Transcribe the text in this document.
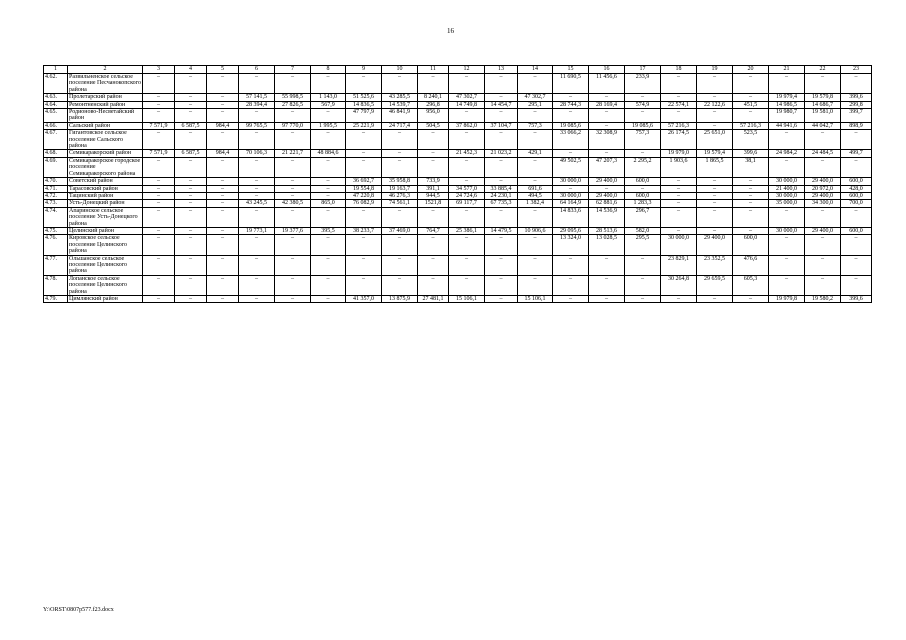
16
1	2	3	4	5	6	7	8	9	10	11	12	13	14	15	16	17	18	19	20	21	22	23
4.62.	Развильненское сельское поселение Песчанокопского района	–	–	–	–	–	–	–	–	–	–	–	–	11 690,5	11 456,6	233,9	–	–	–	–	–	–
4.63.	Пролетарский район	–	–	–	57 141,5	55 998,5	1 143,0	51 525,6	43 285,5	8 240,1	47 302,7	–	47 302,7	–	–	–	–	–	–	19 979,4	19 579,8	399,6
4.64.	Ремонтненский район	–	–	–	28 394,4	27 826,5	567,9	14 836,5	14 539,7	296,8	14 749,8	14 454,7	295,1	28 744,3	28 169,4	574,9	22 574,1	22 122,6	451,5	14 986,5	14 686,7	299,8
4.65.	Родионово-Несветайский район	–	–	–	–	–	–	47 797,9	46 841,9	956,0	–	–	–	–	–	–	–	–	–	19 980,7	19 581,0	399,7
4.66.	Сальский район	7 571,9	6 587,5	984,4	99 765,5	97 770,0	1 995,5	25 221,9	24 717,4	504,5	37 862,0	37 104,7	757,3	19 085,6	–	19 085,6	57 216,3	–	57 216,3	44 941,6	44 042,7	898,9
4.67.	Гигантовское сельское поселение Сальского района	–	–	–	–	–	–	–	–	–	–	–	–	33 066,2	32 308,9	757,3	26 174,5	25 651,0	523,5	–	–	–
4.68.	Семикаракорский район	7 571,9	6 587,5	984,4	70 106,3	21 221,7	48 884,6	–	–	–	21 452,3	21 023,2	429,1	–	–	–	19 979,0	19 579,4	399,6	24 984,2	24 484,5	499,7
4.69.	Семикаракорское городское поселение Семикаракорского района	–	–	–	–	–	–	–	–	–	–	–	–	49 502,5	47 207,3	2 295,2	1 903,6	1 865,5	38,1	–	–	–
4.70.	Советский район	–	–	–	–	–	–	36 692,7	35 958,8	733,9	–	–	–	30 000,0	29 400,0	600,0	–	–	–	30 000,0	29 400,0	600,0
4.71.	Тарасовский район	–	–	–	–	–	–	19 554,8	19 163,7	391,1	34 577,0	33 885,4	691,6	–	–	–	–	–	–	21 400,0	20 972,0	428,0
4.72.	Тацинский район	–	–	–	–	–	–	47 220,8	46 276,3	944,5	24 724,6	24 230,1	494,5	30 000,0	29 400,0	600,0	–	–	–	30 000,0	29 400,0	600,0
4.73.	Усть-Донецкий район	–	–	–	43 245,5	42 380,5	865,0	76 082,9	74 561,1	1521,8	69 117,7	67 735,3	1 382,4	64 164,9	62 881,6	1 283,3	–	–	–	35 000,0	34 300,0	700,0
4.74.	Апаринское сельское поселение Усть-Донецкого района	–	–	–	–	–	–	–	–	–	–	–	–	14 833,6	14 536,9	296,7	–	–	–	–	–	–
4.75.	Целинский район	–	–	–	19 773,1	19 377,6	395,5	38 233,7	37 469,0	764,7	25 386,1	14 479,5	10 906,6	29 095,6	28 513,6	582,0	–	–	–	30 000,0	29 400,0	600,0
4.76.	Кировское сельское поселение Целинского района	–	–	–	–	–	–	–	–	–	–	–	–	13 324,0	13 028,5	295,5	30 000,0	29 400,0	600,0	–	–	–
4.77.	Ольшанское сельское поселение Целинского района	–	–	–	–	–	–	–	–	–	–	–	–	–	–	–	23 829,1	23 352,5	476,6	–	–	–
4.78.	Лопанское сельское поселение Целинского района	–	–	–	–	–	–	–	–	–	–	–	–	–	–	–	30 264,8	29 659,5	605,3	–	–	–
4.79.	Цимлянский район	–	–	–	–	–	–	41 357,0	13 875,9	27 481,1	15 106,1	–	15 106,1	–	–	–	–	–	–	19 979,8	19 580,2	399,6
Y:\ORST\0807p577.f23.docx
